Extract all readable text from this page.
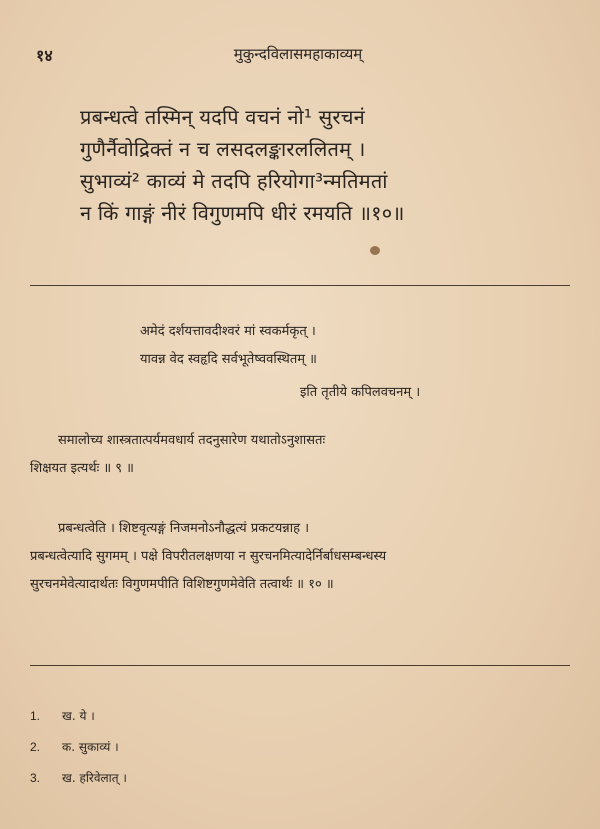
१४	मुकुन्दविलासमहाकाव्यम्
प्रबन्धत्वे तस्मिन् यदपि वचनं नो¹ सुरचनं
गुणैर्नैवोद्रिक्तं न च लसदलङ्कारललितम् ।
सुभाव्यं² काव्यं मे तदपि हरियोगा³न्मतिमतां
न किं गाङ्गं नीरं विगुणमपि धीरं रमयति ॥१०॥
अमेदं दर्शयत्तावदीश्वरं मां स्वकर्मकृत् ।
यावन्न वेद स्वहृदि सर्वभूतेष्ववस्थितम् ॥
इति तृतीये कपिलवचनम् ।
समालोच्य शास्त्रतात्पर्यमवधार्य तदनुसारेण यथातोऽनुशासतः
शिक्षयत इत्यर्थः ॥ ९ ॥
प्रबन्धत्वेति । शिष्टवृत्यङ्गं निजमनोऽनौद्धत्यं प्रकटयन्नाह ।
प्रबन्धत्वेत्यादि सुगमम् । पक्षे विपरीतलक्षणया न सुरचनमित्यादेर्निर्बाधसम्बन्धस्य
सुरचनमेवेत्यादार्थतः विगुणमपीति विशिष्टगुणमेवेति तत्वार्थः ॥ १० ॥
1. ख. ये ।
2. क. सुकाव्यं ।
3. ख. हरिवेलात् ।
